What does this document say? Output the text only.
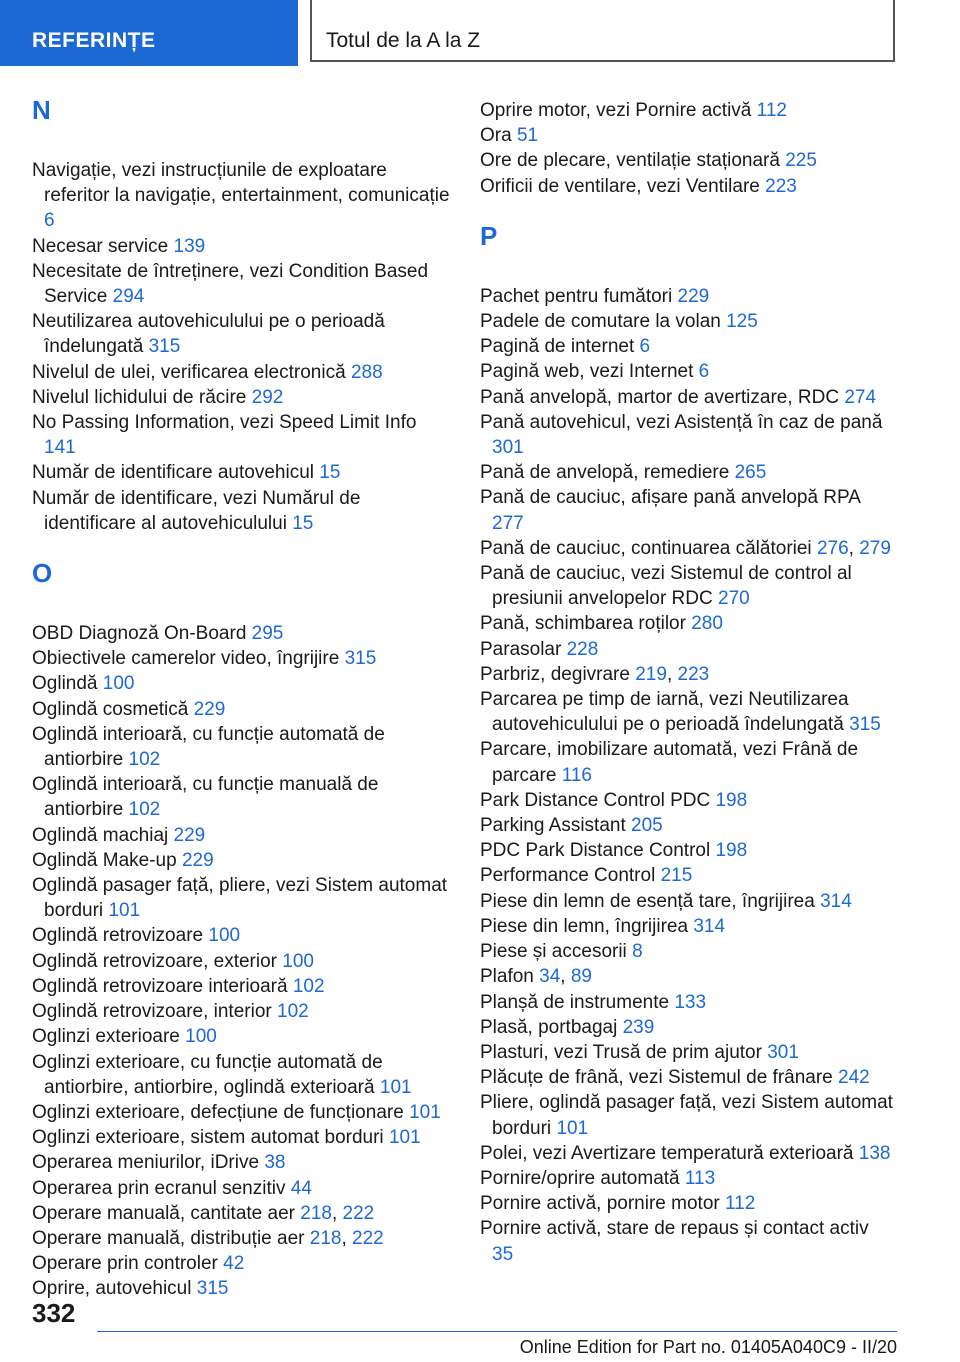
REFERINȚE	Totul de la A la Z
N
Navigație, vezi instrucțiunile de exploatare referitor la navigație, entertainment, comunicație 6
Necesar service 139
Necesitate de întreținere, vezi Condition Based Service 294
Neutilizarea autovehiculului pe o perioadă îndelungată 315
Nivelul de ulei, verificarea electronică 288
Nivelul lichidului de răcire 292
No Passing Information, vezi Speed Limit Info 141
Număr de identificare autovehicul 15
Număr de identificare, vezi Numărul de identificare al autovehiculului 15
O
OBD Diagnoză On-Board 295
Obiectivele camerelor video, îngrijire 315
Oglindă 100
Oglindă cosmetică 229
Oglindă interioară, cu funcție automată de antiorbire 102
Oglindă interioară, cu funcție manuală de antiorbire 102
Oglindă machiaj 229
Oglindă Make-up 229
Oglindă pasager față, pliere, vezi Sistem automat borduri 101
Oglindă retrovizoare 100
Oglindă retrovizoare, exterior 100
Oglindă retrovizoare interioară 102
Oglindă retrovizoare, interior 102
Oglinzi exterioare 100
Oglinzi exterioare, cu funcție automată de antiorbire, antiorbire, oglindă exterioară 101
Oglinzi exterioare, defecțiune de funcționare 101
Oglinzi exterioare, sistem automat borduri 101
Operarea meniurilor, iDrive 38
Operarea prin ecranul senzitiv 44
Operare manuală, cantitate aer 218, 222
Operare manuală, distribuție aer 218, 222
Operare prin controler 42
Oprire, autovehicul 315
Oprire motor, vezi Pornire activă 112
Ora 51
Ore de plecare, ventilație staționară 225
Orificii de ventilare, vezi Ventilare 223
P
Pachet pentru fumători 229
Padele de comutare la volan 125
Pagină de internet 6
Pagină web, vezi Internet 6
Pană anvelopă, martor de avertizare, RDC 274
Pană autovehicul, vezi Asistență în caz de pană 301
Pană de anvelopă, remediere 265
Pană de cauciuc, afișare pană anvelopă RPA 277
Pană de cauciuc, continuarea călătoriei 276, 279
Pană de cauciuc, vezi Sistemul de control al presiunii anvelopelor RDC 270
Pană, schimbarea roților 280
Parasolar 228
Parbriz, degivrare 219, 223
Parcarea pe timp de iarnă, vezi Neutilizarea autovehiculului pe o perioadă îndelungată 315
Parcare, imobilizare automată, vezi Frână de parcare 116
Park Distance Control PDC 198
Parking Assistant 205
PDC Park Distance Control 198
Performance Control 215
Piese din lemn de esență tare, îngrijirea 314
Piese din lemn, îngrijirea 314
Piese și accesorii 8
Plafon 34, 89
Planșă de instrumente 133
Plasă, portbagaj 239
Plasturi, vezi Trusă de prim ajutor 301
Plăcuțe de frână, vezi Sistemul de frânare 242
Pliere, oglindă pasager față, vezi Sistem automat borduri 101
Polei, vezi Avertizare temperatură exterioară 138
Pornire/oprire automată 113
Pornire activă, pornire motor 112
Pornire activă, stare de repaus și contact activ 35
332
Online Edition for Part no. 01405A040C9 - II/20
